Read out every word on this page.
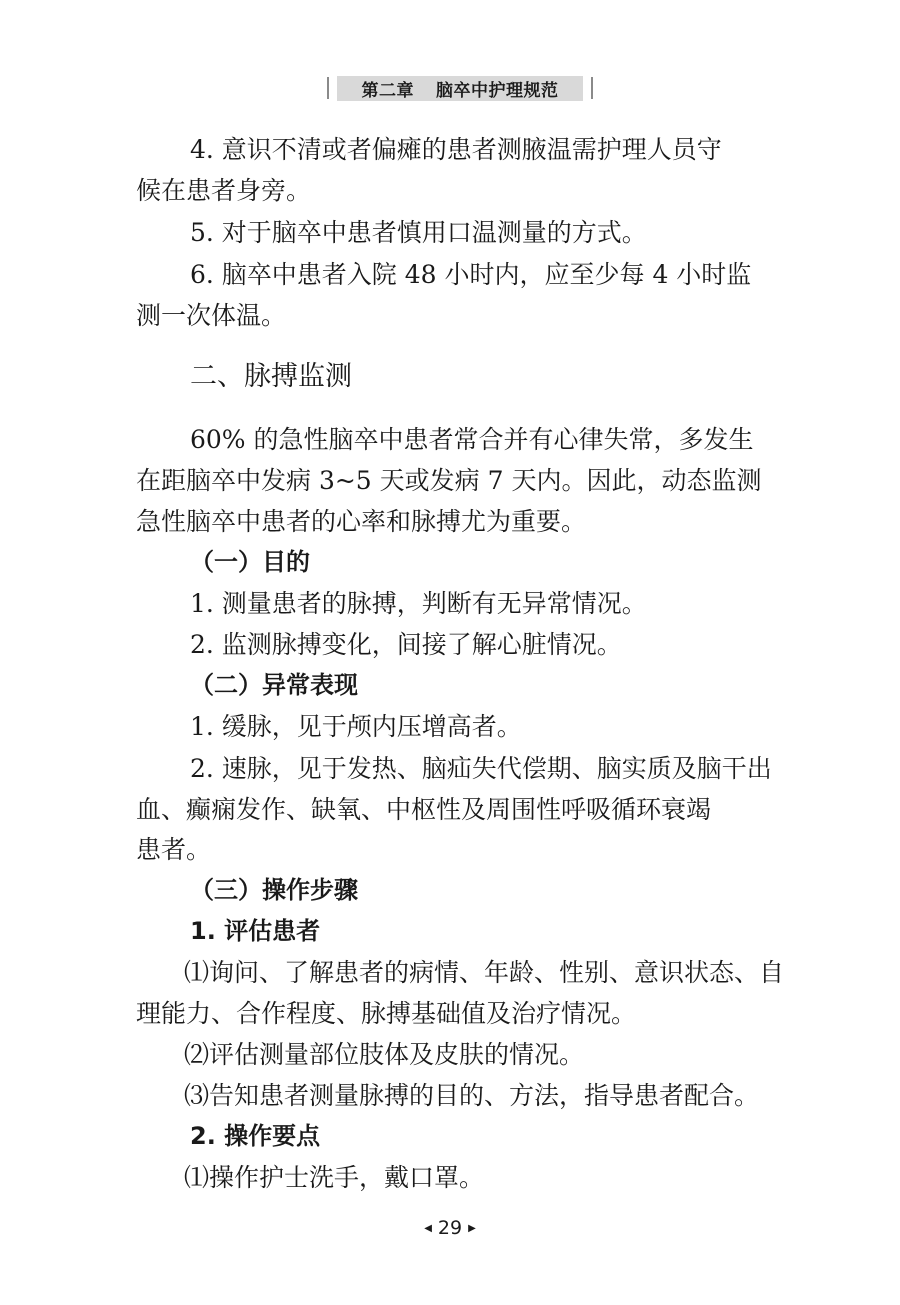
第二章 脑卒中护理规范
4. 意识不清或者偏瘫的患者测腋温需护理人员守
候在患者身旁。
5. 对于脑卒中患者慎用口温测量的方式。
6. 脑卒中患者入院 48 小时内，应至少每 4 小时监
测一次体温。
二、脉搏监测
60% 的急性脑卒中患者常合并有心律失常，多发生
在距脑卒中发病 3~5 天或发病 7 天内。因此，动态监测
急性脑卒中患者的心率和脉搏尤为重要。
（一）目的
1. 测量患者的脉搏，判断有无异常情况。
2. 监测脉搏变化，间接了解心脏情况。
（二）异常表现
1. 缓脉，见于颅内压增高者。
2. 速脉，见于发热、脑疝失代偿期、脑实质及脑干出
血、癫痫发作、缺氧、中枢性及周围性呼吸循环衰竭
患者。
（三）操作步骤
1. 评估患者
⑴询问、了解患者的病情、年龄、性别、意识状态、自
理能力、合作程度、脉搏基础值及治疗情况。
⑵评估测量部位肢体及皮肤的情况。
⑶告知患者测量脉搏的目的、方法，指导患者配合。
2. 操作要点
⑴操作护士洗手，戴口罩。
◀ 29 ▶
